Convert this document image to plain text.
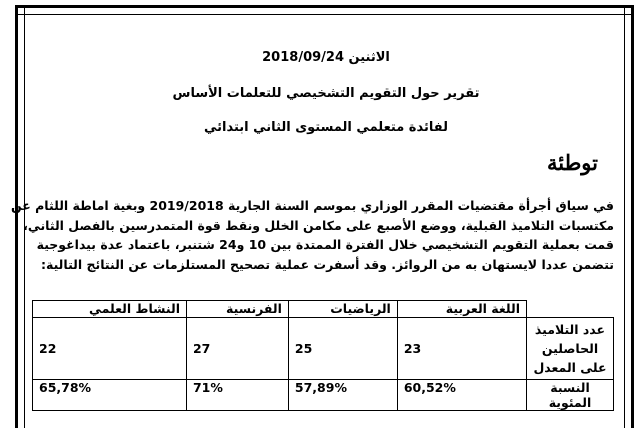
الاثنين 2018/09/24
تقرير حول التقويم التشخيصي للتعلمات الأساس
لفائدة متعلمي المستوى الثاني ابتدائي
توطئة

في سياق أجرأة مقتضيات المقرر الوزاري بموسم السنة الجارية 2019/2018 وبغية اماطة اللثام عن

مكتسبات التلاميذ القبلية، ووضع الأصبع على مكامن الخلل ونقط قوة المتمدرسين بالفصل الثاني،

قمت بعملية التقويم التشخيصي خلال الفترة الممتدة بين 10 و24 شتنبر، باعتماد عدة بيداغوجية

تتضمن عددا لايستهان به من الروائز. وقد أسفرت عملية تصحيح المستلزمات عن النتائج التالية:

	اللغة العربية	الرياضيات	الفرنسية	النشاط العلمي
عدد التلاميذ الحاصلين على المعدل	23	25	27	22
النسبة المئوية	60,52%	57,89%	71%	65,78%
